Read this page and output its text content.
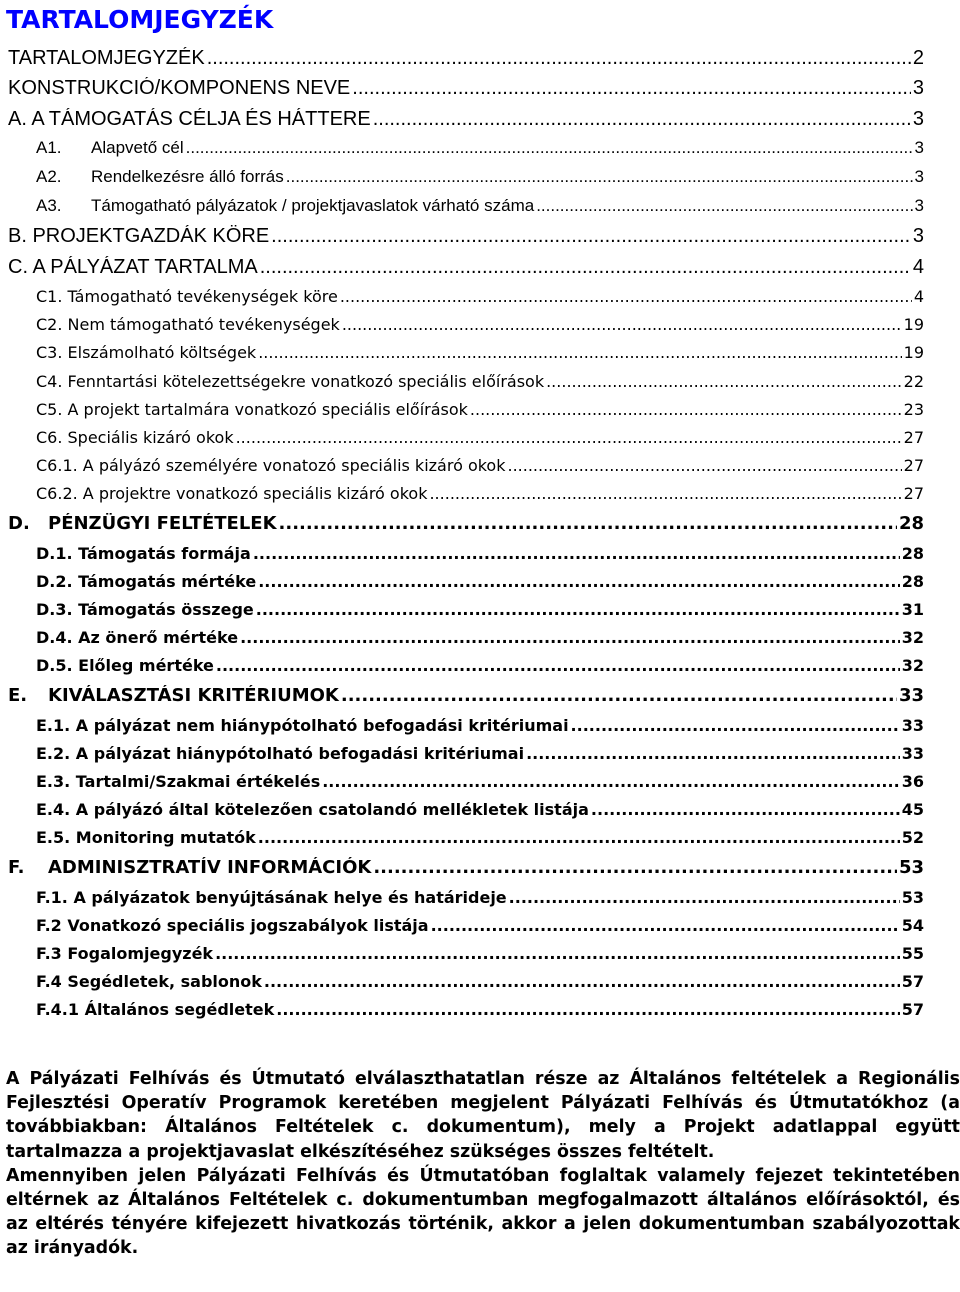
TARTALOMJEGYZÉK
TARTALOMJEGYZÉK .....	2
KONSTRUKCIÓ/KOMPONENS NEVE .....	3
A. A TÁMOGATÁS CÉLJA ÉS HÁTTERE .....	3
A1.	Alapvető cél .....	3
A2.	Rendelkezésre álló forrás .....	3
A3.	Támogatható pályázatok / projektjavaslatok várható száma .....	3
B. PROJEKTGAZDÁK KÖRE .....	3
C. A PÁLYÁZAT TARTALMA .....	4
C1. Támogatható tevékenységek köre .....	4
C2. Nem támogatható tevékenységek .....	19
C3. Elszámolható költségek .....	19
C4. Fenntartási kötelezettségekre vonatkozó speciális előírások .....	22
C5. A projekt tartalmára vonatkozó speciális előírások .....	23
C6. Speciális kizáró okok .....	27
C6.1. A pályázó személyére vonatozó speciális kizáró okok .....	27
C6.2. A projektre vonatkozó speciális kizáró okok .....	27
D.	PÉNZÜGYI FELTÉTELEK .....	28
D.1. Támogatás formája .....	28
D.2. Támogatás mértéke .....	28
D.3. Támogatás összege .....	31
D.4. Az önerő mértéke .....	32
D.5. Előleg mértéke .....	32
E.	KIVÁLASZTÁSI KRITÉRIUMOK .....	33
E.1. A pályázat nem hiánypótolható befogadási kritériumai .....	33
E.2. A pályázat hiánypótolható befogadási kritériumai .....	33
E.3. Tartalmi/Szakmai értékelés .....	36
E.4. A pályázó által kötelezően csatolandó mellékletek listája .....	45
E.5. Monitoring mutatók .....	52
F.	ADMINISZTRATÍV INFORMÁCIÓK .....	53
F.1. A pályázatok benyújtásának helye és határideje .....	53
F.2 Vonatkozó speciális jogszabályok listája .....	54
F.3 Fogalomjegyzék .....	55
F.4 Segédletek, sablonok .....	57
F.4.1 Általános segédletek .....	57

A Pályázati Felhívás és Útmutató elválaszthatatlan része az Általános feltételek a Regionális Fejlesztési Operatív Programok keretében megjelent Pályázati Felhívás és Útmutatókhoz (a továbbiakban: Általános Feltételek c. dokumentum), mely a Projekt adatlappal együtt tartalmazza a projektjavaslat elkészítéséhez szükséges összes feltételt.

Amennyiben jelen Pályázati Felhívás és Útmutatóban foglaltak valamely fejezet tekintetében eltérnek az Általános Feltételek c. dokumentumban megfogalmazott általános előírásoktól, és az eltérés tényére kifejezett hivatkozás történik, akkor a jelen dokumentumban szabályozottak az irányadók.
